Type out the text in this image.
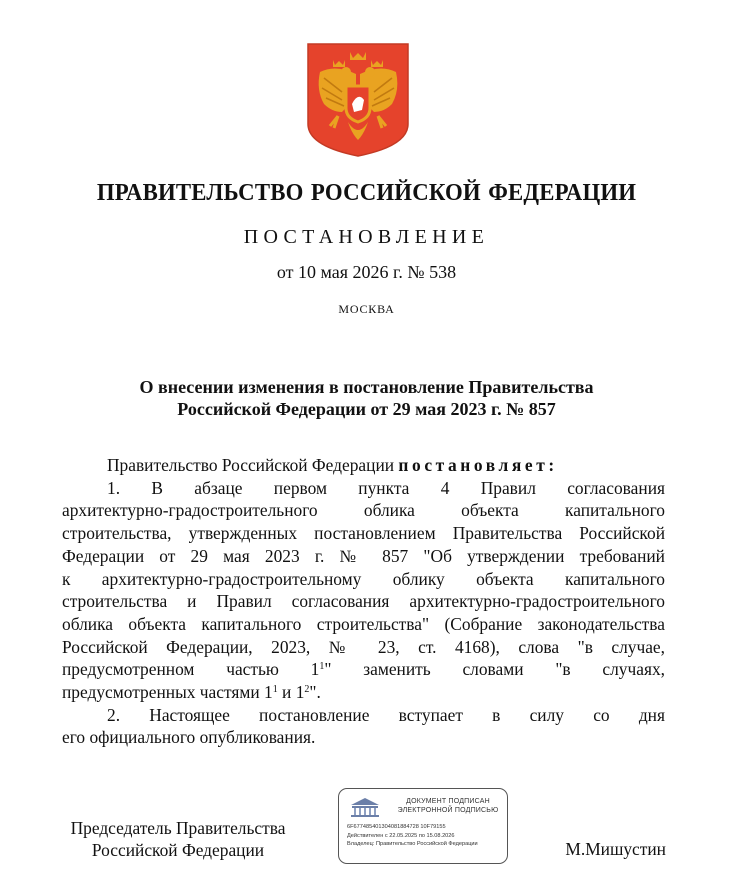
ПРАВИТЕЛЬСТВО РОССИЙСКОЙ ФЕДЕРАЦИИ
ПОСТАНОВЛЕНИЕ
от 10 мая 2026 г. № 538
МОСКВА
О внесении изменения в постановление Правительства
Российской Федерации от 29 мая 2023 г. № 857

Правительство Российской Федерации постановляет:

1. В абзаце первом пункта 4 Правил согласования

архитектурно-градостроительного облика объекта капитального

строительства, утвержденных постановлением Правительства Российской

Федерации от 29 мая 2023 г. № 857 "Об утверждении требований

к архитектурно-градостроительному облику объекта капитального

строительства и Правил согласования архитектурно-градостроительного

облика объекта капитального строительства" (Собрание законодательства

Российской Федерации, 2023, № 23, ст. 4168), слова "в случае,

предусмотренном частью $1^1$" заменить словами "в случаях,

предусмотренных частями $1^1$ и $1^2$".

2. Настоящее постановление вступает в силу со дня

его официального опубликования.

Председатель Правительства
Российской Федерации
ДОКУМЕНТ ПОДПИСАН
ЭЛЕКТРОННОЙ ПОДПИСЬЮ
6F677485401304081884728 10F79155
Действителен с 22.05.2025 по 15.08.2026
Владелец: Правительство Российской Федерации	М.Мишустин
